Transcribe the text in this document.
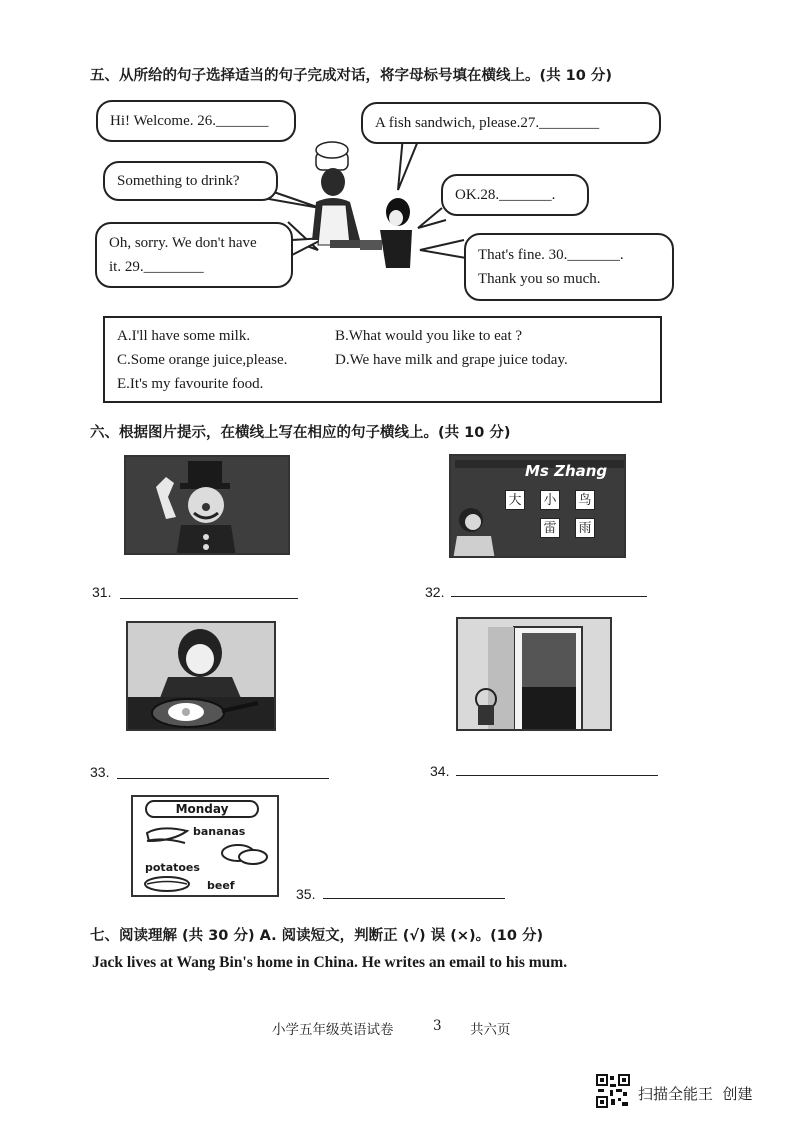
五、从所给的句子选择适当的句子完成对话，将字母标号填在横线上。(共 10 分)
Hi! Welcome. 26._______	A fish sandwich, please.27.________
Something to drink?
OK.28._______.
Oh, sorry. We don't have
it. 29.________
That's fine. 30._______.
Thank you so much.
A.I'll have some milk.	B.What would you like to eat ?
C.Some orange juice,please.	D.We have milk and grape juice today.
E.It's my favourite food.
六、根据图片提示，在横线上写在相应的句子横线上。(共 10 分)
Ms Zhang
大 小 鸟
雷 雨
31.	32.
33.	34.
Monday
bananas
potatoes
beef
35.
七、阅读理解 (共 30 分) A. 阅读短文，判断正 (√) 误 (×)。(10 分)
Jack lives at Wang Bin's home in China. He writes an email to his mum.
小学五年级英语试卷	3 共六页
扫描全能王  创建
